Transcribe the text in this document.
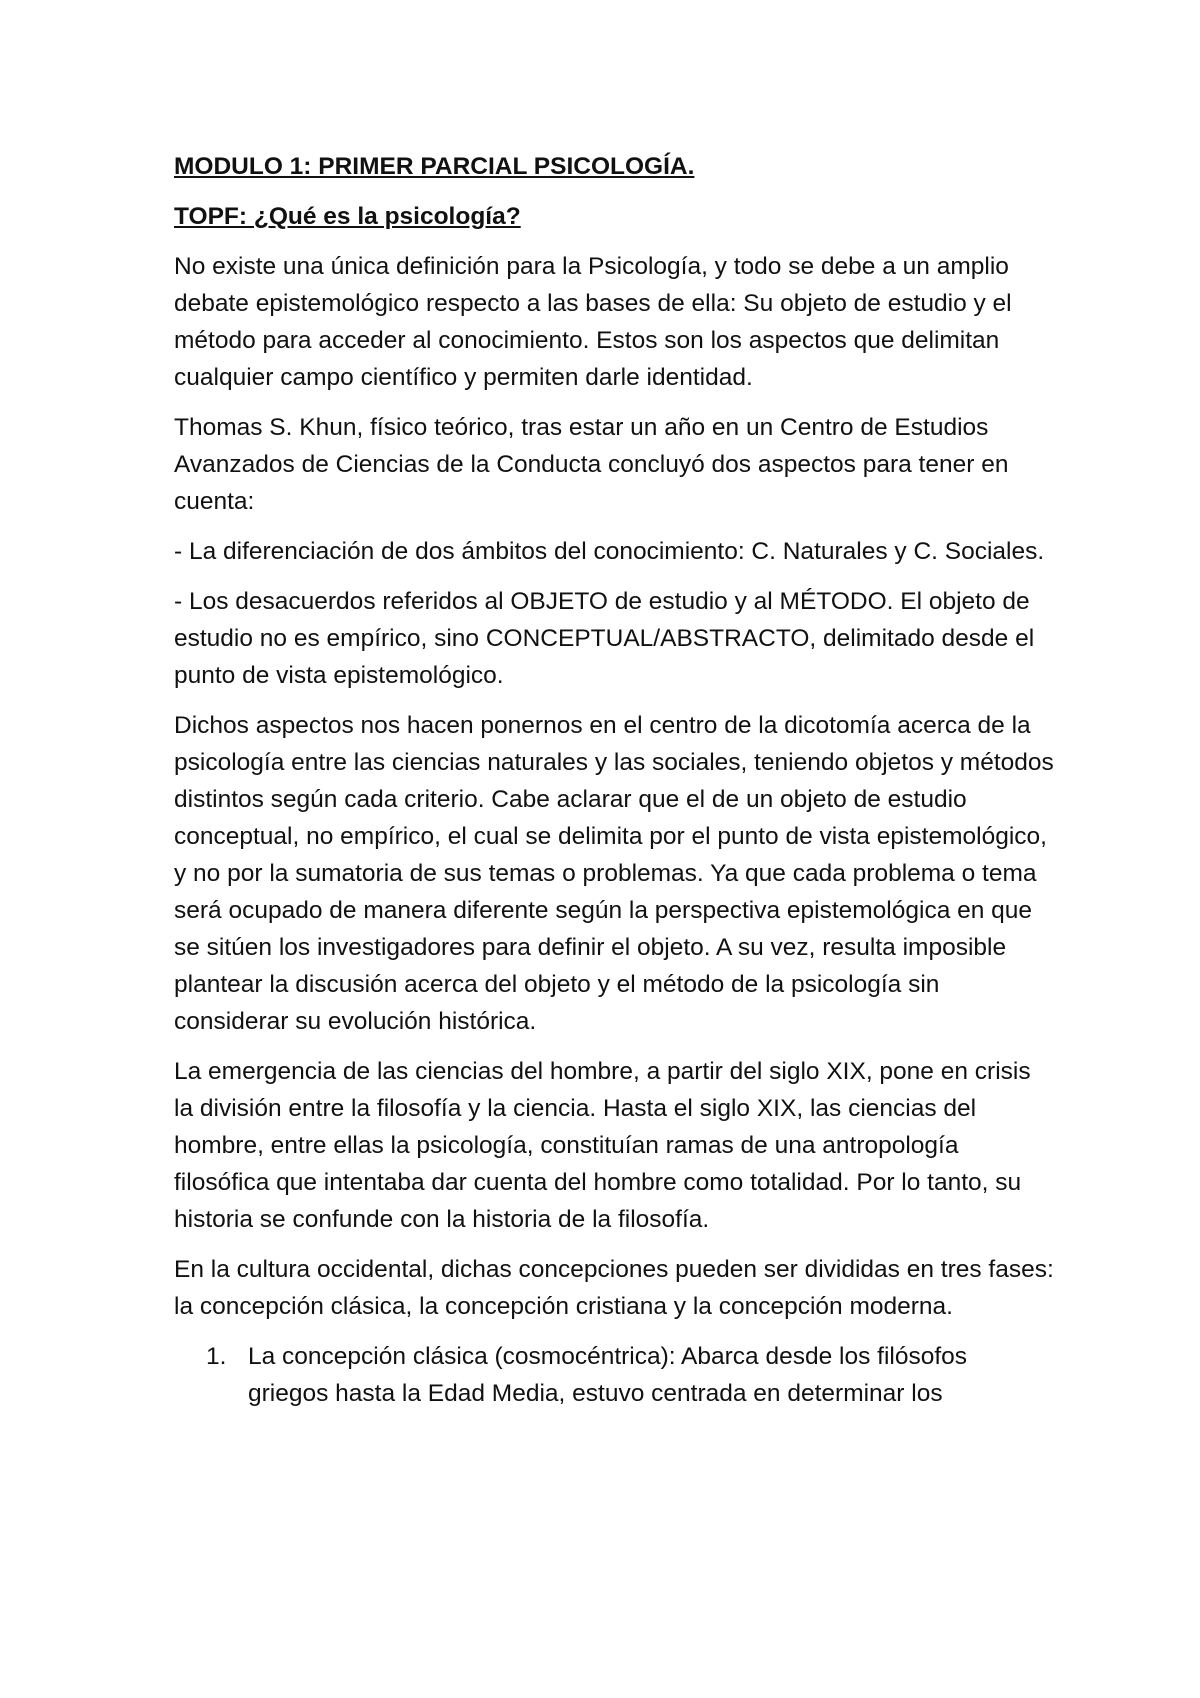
MODULO 1: PRIMER PARCIAL PSICOLOGÍA.

TOPF: ¿Qué es la psicología?

No existe una única definición para la Psicología, y todo se debe a un amplio debate epistemológico respecto a las bases de ella: Su objeto de estudio y el método para acceder al conocimiento. Estos son los aspectos que delimitan cualquier campo científico y permiten darle identidad.

Thomas S. Khun, físico teórico, tras estar un año en un Centro de Estudios Avanzados de Ciencias de la Conducta concluyó dos aspectos para tener en cuenta:

- La diferenciación de dos ámbitos del conocimiento: C. Naturales y C. Sociales.

- Los desacuerdos referidos al OBJETO de estudio y al MÉTODO. El objeto de estudio no es empírico, sino CONCEPTUAL/ABSTRACTO, delimitado desde el punto de vista epistemológico.

Dichos aspectos nos hacen ponernos en el centro de la dicotomía acerca de la psicología entre las ciencias naturales y las sociales, teniendo objetos y métodos distintos según cada criterio. Cabe aclarar que el de un objeto de estudio conceptual, no empírico, el cual se delimita por el punto de vista epistemológico, y no por la sumatoria de sus temas o problemas. Ya que cada problema o tema será ocupado de manera diferente según la perspectiva epistemológica en que se sitúen los investigadores para definir el objeto. A su vez, resulta imposible plantear la discusión acerca del objeto y el método de la psicología sin considerar su evolución histórica.

La emergencia de las ciencias del hombre, a partir del siglo XIX, pone en crisis la división entre la filosofía y la ciencia. Hasta el siglo XIX, las ciencias del hombre, entre ellas la psicología, constituían ramas de una antropología filosófica que intentaba dar cuenta del hombre como totalidad. Por lo tanto, su historia se confunde con la historia de la filosofía.

En la cultura occidental, dichas concepciones pueden ser divididas en tres fases: la concepción clásica, la concepción cristiana y la concepción moderna.

1. La concepción clásica (cosmocéntrica): Abarca desde los filósofos griegos hasta la Edad Media, estuvo centrada en determinar los
